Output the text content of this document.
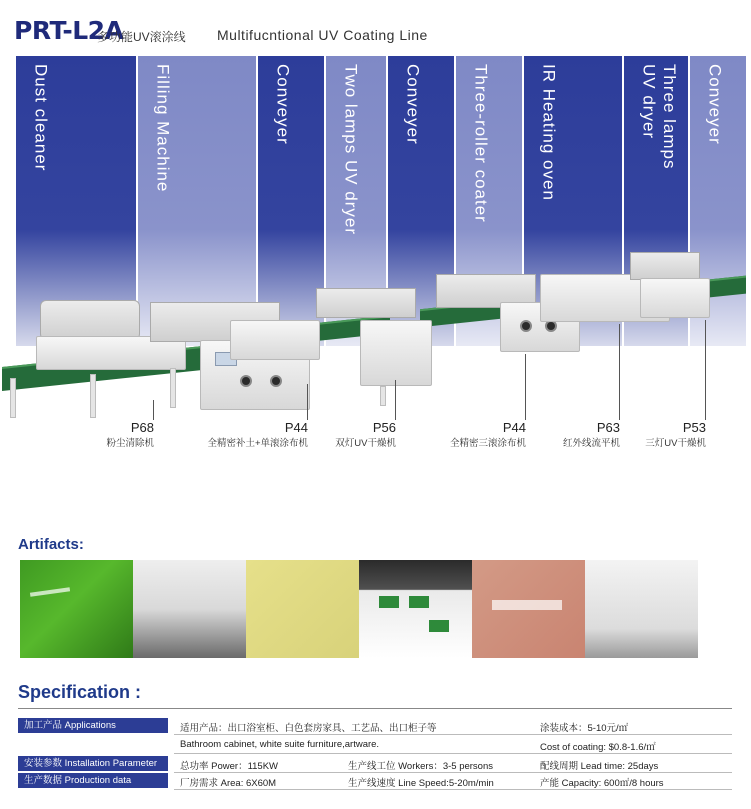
PRT-L2A
多功能UV滚涂线 Multifucntional UV Coating Line
Dust cleaner	Filling Machine	Conveyer	Two lamps UV dryer	Conveyer	Three-roller coater	IR Heating oven	Three lamps
UV dryer	Conveyer
P68
粉尘清除机
P44
全精密补土+单滚涂布机
P56
双灯UV干燥机
P44
全精密三滚涂布机
P63
红外线流平机
P53
三灯UV干燥机
Artifacts:
Specification :
加工产品 Applications	适用产品：出口浴室柜、白色套房家具、工艺品、出口柜子等	涂装成本：5-10元/㎡
Bathroom cabinet, white suite furniture,artware.	Cost of coating: $0.8-1.6/㎡
安装参数 Installation Parameter	总功率 Power：115KW	生产线工位 Workers：3-5 persons	配线周期 Lead time: 25days
生产数据 Production data	厂房需求 Area: 6X60M	生产线速度 Line Speed:5-20m/min	产能 Capacity: 600㎡/8 hours
